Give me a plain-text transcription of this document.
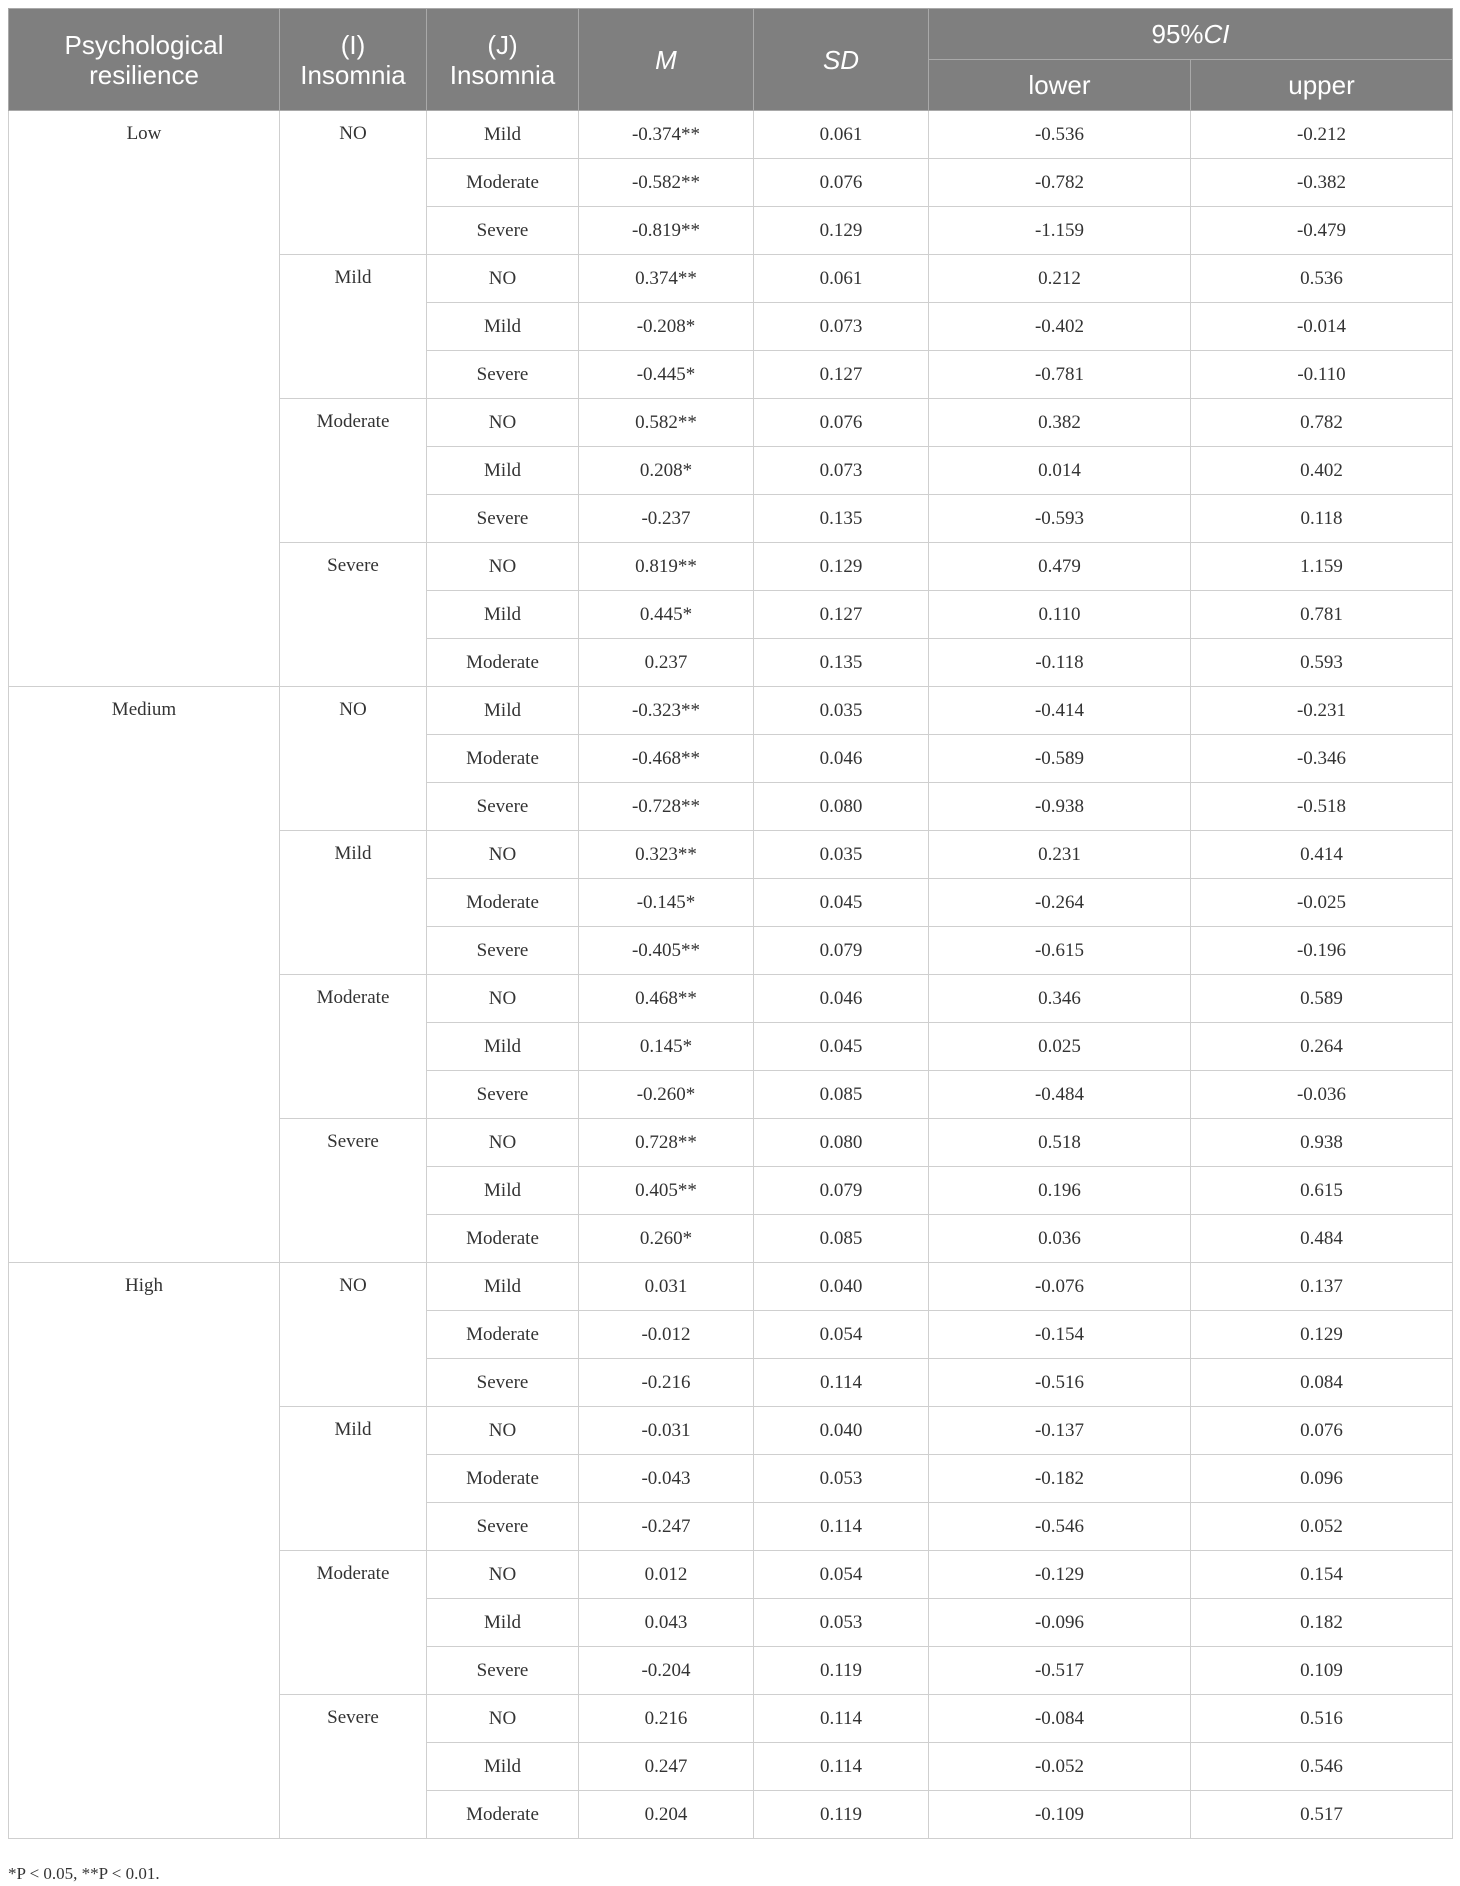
Psychological resilience	(I) Insomnia	(J) Insomnia	M	SD	95%CI	
					lower	upper
Low	NO	Mild	-0.374**	0.061	-0.536	-0.212
		Moderate	-0.582**	0.076	-0.782	-0.382
		Severe	-0.819**	0.129	-1.159	-0.479
	Mild	NO	0.374**	0.061	0.212	0.536
		Mild	-0.208*	0.073	-0.402	-0.014
		Severe	-0.445*	0.127	-0.781	-0.110
	Moderate	NO	0.582**	0.076	0.382	0.782
		Mild	0.208*	0.073	0.014	0.402
		Severe	-0.237	0.135	-0.593	0.118
	Severe	NO	0.819**	0.129	0.479	1.159
		Mild	0.445*	0.127	0.110	0.781
		Moderate	0.237	0.135	-0.118	0.593
Medium	NO	Mild	-0.323**	0.035	-0.414	-0.231
		Moderate	-0.468**	0.046	-0.589	-0.346
		Severe	-0.728**	0.080	-0.938	-0.518
	Mild	NO	0.323**	0.035	0.231	0.414
		Moderate	-0.145*	0.045	-0.264	-0.025
		Severe	-0.405**	0.079	-0.615	-0.196
	Moderate	NO	0.468**	0.046	0.346	0.589
		Mild	0.145*	0.045	0.025	0.264
		Severe	-0.260*	0.085	-0.484	-0.036
	Severe	NO	0.728**	0.080	0.518	0.938
		Mild	0.405**	0.079	0.196	0.615
		Moderate	0.260*	0.085	0.036	0.484
High	NO	Mild	0.031	0.040	-0.076	0.137
		Moderate	-0.012	0.054	-0.154	0.129
		Severe	-0.216	0.114	-0.516	0.084
	Mild	NO	-0.031	0.040	-0.137	0.076
		Moderate	-0.043	0.053	-0.182	0.096
		Severe	-0.247	0.114	-0.546	0.052
	Moderate	NO	0.012	0.054	-0.129	0.154
		Mild	0.043	0.053	-0.096	0.182
		Severe	-0.204	0.119	-0.517	0.109
	Severe	NO	0.216	0.114	-0.084	0.516
		Mild	0.247	0.114	-0.052	0.546
		Moderate	0.204	0.119	-0.109	0.517
*P < 0.05, **P < 0.01.
